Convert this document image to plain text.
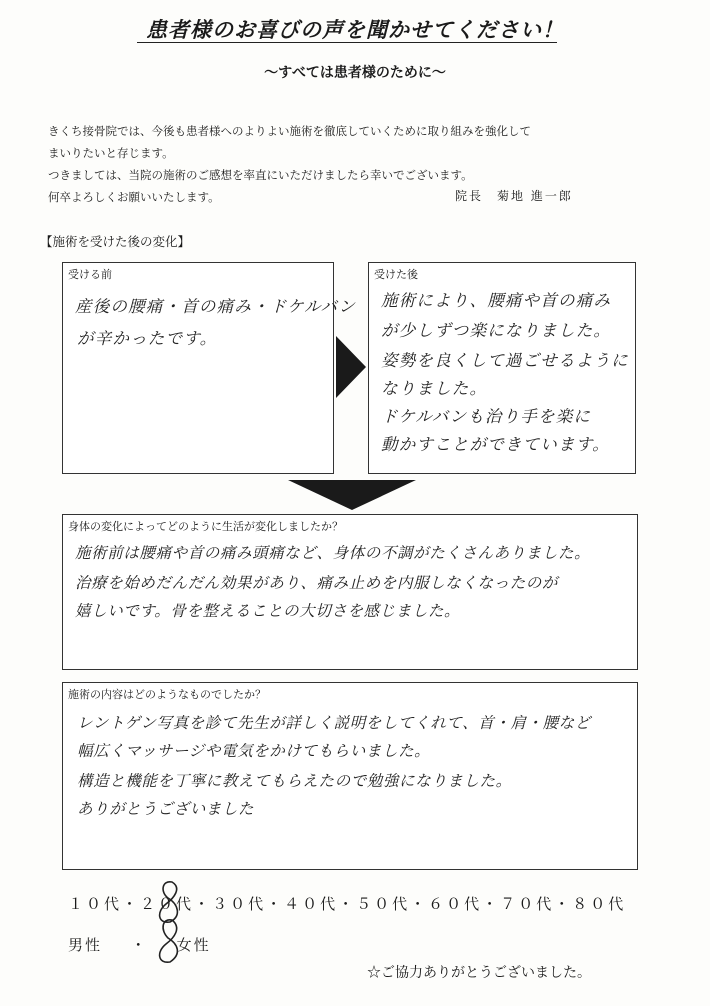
患者様のお喜びの声を聞かせてください！
～すべては患者様のために～

きくち接骨院では、今後も患者様へのよりよい施術を徹底していくために取り組みを強化して

まいりたいと存じます。

つきましては、当院の施術のご感想を率直にいただけましたら幸いでございます。

何卒よろしくお願いいたします。	院長　菊地 進一郎
【施術を受けた後の変化】
受ける前
産後の腰痛・首の痛み・ドケルバン
が辛かったです。
受けた後
施術により、腰痛や首の痛み
が少しずつ楽になりました。
姿勢を良くして過ごせるように
なりました。
ドケルバンも治り手を楽に
動かすことができています。
身体の変化によってどのように生活が変化しましたか？
施術前は腰痛や首の痛み頭痛など、身体の不調がたくさんありました。
治療を始めだんだん効果があり、痛み止めを内服しなくなったのが
嬉しいです。骨を整えることの大切さを感じました。
施術の内容はどのようなものでしたか？
レントゲン写真を診て先生が詳しく説明をしてくれて、首・肩・腰など
幅広くマッサージや電気をかけてもらいました。
構造と機能を丁寧に教えてもらえたので勉強になりました。
ありがとうございました
１０代・２０代・３０代・４０代・５０代・６０代・７０代・８０代
男性 ・ 女性
☆ご協力ありがとうございました。
